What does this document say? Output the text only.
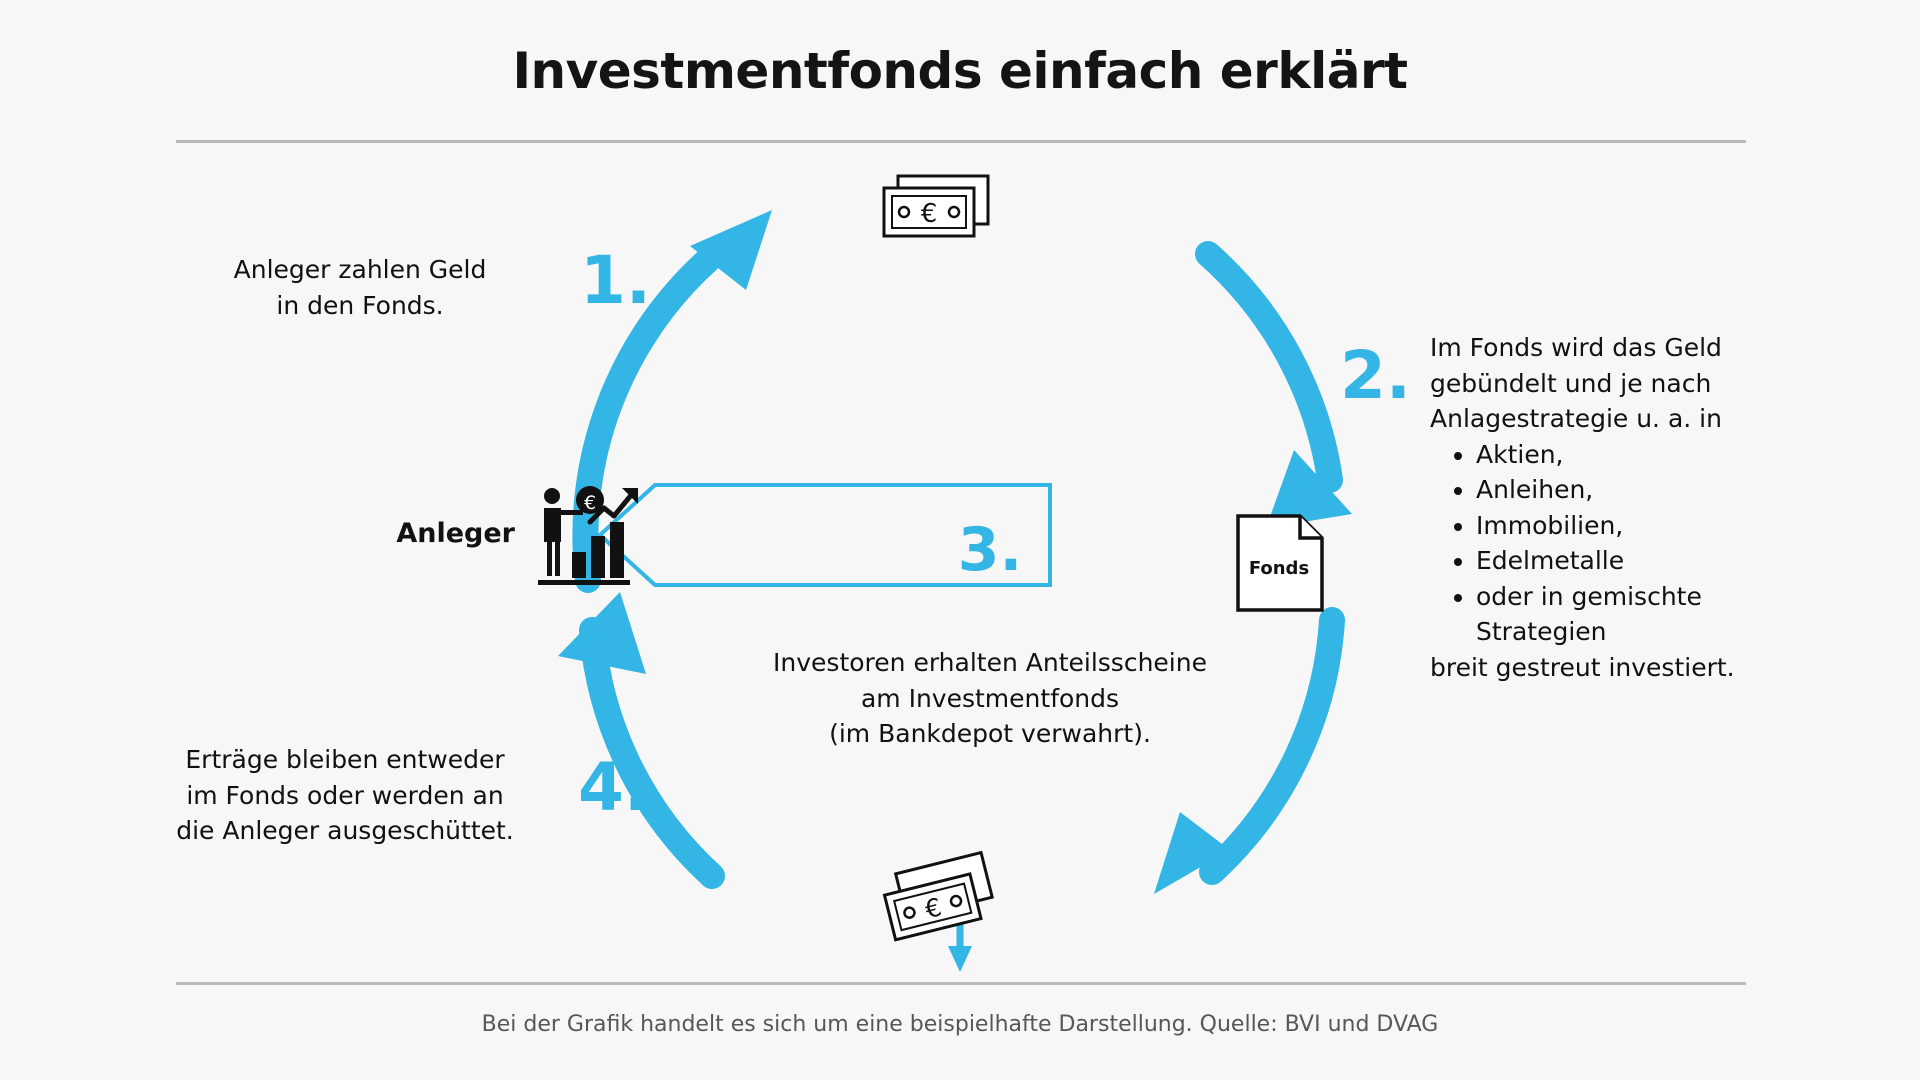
Investmentfonds einfach erklärt
1.
2.
3.
4.
Anleger zahlen Geld
in den Fonds.
Im Fonds wird das Geld
gebündelt und je nach
Anlagestrategie u. a. in
• Aktien,
• Anleihen,
• Immobilien,
• Edelmetalle
• oder in gemischte Strategien
breit gestreut investiert.
Investoren erhalten Anteilsscheine
am Investmentfonds
(im Bankdepot verwahrt).
Erträge bleiben entweder
im Fonds oder werden an
die Anleger ausgeschüttet.
Anleger
€
Fonds
€
€
Bei der Grafik handelt es sich um eine beispielhafte Darstellung. Quelle: BVI und DVAG
